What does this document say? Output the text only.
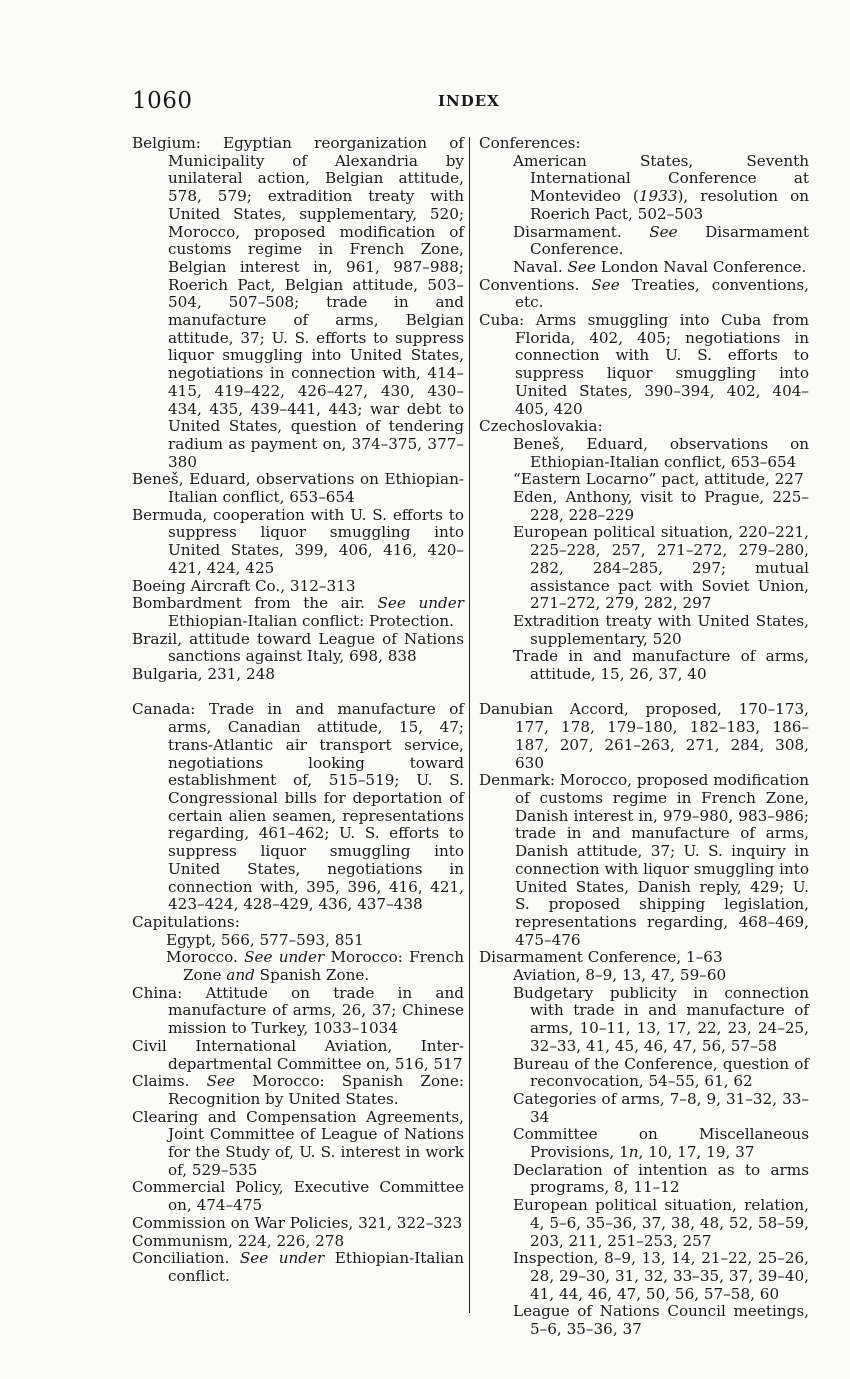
1060	INDEX
Belgium: Egyptian reorganization of Municipality of Alexandria by unilateral action, Belgian attitude, 578, 579; extradition treaty with United States, supplementary, 520; Morocco, proposed modification of customs regime in French Zone, Belgian interest in, 961, 987–988; Roerich Pact, Belgian attitude, 503–504, 507–508; trade in and manufacture of arms, Belgian attitude, 37; U. S. efforts to suppress liquor smuggling into United States, negotiations in connection with, 414–415, 419–422, 426–427, 430, 430–434, 435, 439–441, 443; war debt to United States, question of tendering radium as payment on, 374–375, 377–380
Beneš, Eduard, observations on Ethiopian-Italian conflict, 653–654
Bermuda, cooperation with U. S. efforts to suppress liquor smuggling into United States, 399, 406, 416, 420–421, 424, 425
Boeing Aircraft Co., 312–313
Bombardment from the air. See under Ethiopian-Italian conflict: Protection.
Brazil, attitude toward League of Nations sanctions against Italy, 698, 838
Bulgaria, 231, 248
Canada: Trade in and manufacture of arms, Canadian attitude, 15, 47; trans-Atlantic air transport service, negotiations looking toward establishment of, 515–519; U. S. Congressional bills for deportation of certain alien seamen, representations regarding, 461–462; U. S. efforts to suppress liquor smuggling into United States, negotiations in connection with, 395, 396, 416, 421, 423–424, 428–429, 436, 437–438
Capitulations:
Egypt, 566, 577–593, 851
Morocco. See under Morocco: French Zone and Spanish Zone.
China: Attitude on trade in and manufacture of arms, 26, 37; Chinese mission to Turkey, 1033–1034
Civil International Aviation, Inter-departmental Committee on, 516, 517
Claims. See Morocco: Spanish Zone: Recognition by United States.
Clearing and Compensation Agreements, Joint Committee of League of Nations for the Study of, U. S. interest in work of, 529–535
Commercial Policy, Executive Committee on, 474–475
Commission on War Policies, 321, 322–323
Communism, 224, 226, 278
Conciliation. See under Ethiopian-Italian conflict.
Conferences:
American States, Seventh International Conference at Montevideo (1933), resolution on Roerich Pact, 502–503
Disarmament. See Disarmament Conference.
Naval. See London Naval Conference.
Conventions. See Treaties, conventions, etc.
Cuba: Arms smuggling into Cuba from Florida, 402, 405; negotiations in connection with U. S. efforts to suppress liquor smuggling into United States, 390–394, 402, 404–405, 420
Czechoslovakia:
Beneš, Eduard, observations on Ethiopian-Italian conflict, 653–654
“Eastern Locarno” pact, attitude, 227
Eden, Anthony, visit to Prague, 225–228, 228–229
European political situation, 220–221, 225–228, 257, 271–272, 279–280, 282, 284–285, 297; mutual assistance pact with Soviet Union, 271–272, 279, 282, 297
Extradition treaty with United States, supplementary, 520
Trade in and manufacture of arms, attitude, 15, 26, 37, 40
Danubian Accord, proposed, 170–173, 177, 178, 179–180, 182–183, 186–187, 207, 261–263, 271, 284, 308, 630
Denmark: Morocco, proposed modification of customs regime in French Zone, Danish interest in, 979–980, 983–986; trade in and manufacture of arms, Danish attitude, 37; U. S. inquiry in connection with liquor smuggling into United States, Danish reply, 429; U. S. proposed shipping legislation, representations regarding, 468–469, 475–476
Disarmament Conference, 1–63
Aviation, 8–9, 13, 47, 59–60
Budgetary publicity in connection with trade in and manufacture of arms, 10–11, 13, 17, 22, 23, 24–25, 32–33, 41, 45, 46, 47, 56, 57–58
Bureau of the Conference, question of reconvocation, 54–55, 61, 62
Categories of arms, 7–8, 9, 31–32, 33–34
Committee on Miscellaneous Provisions, 1n, 10, 17, 19, 37
Declaration of intention as to arms programs, 8, 11–12
European political situation, relation, 4, 5–6, 35–36, 37, 38, 48, 52, 58–59, 203, 211, 251–253, 257
Inspection, 8–9, 13, 14, 21–22, 25–26, 28, 29–30, 31, 32, 33–35, 37, 39–40, 41, 44, 46, 47, 50, 56, 57–58, 60
League of Nations Council meetings, 5–6, 35–36, 37
